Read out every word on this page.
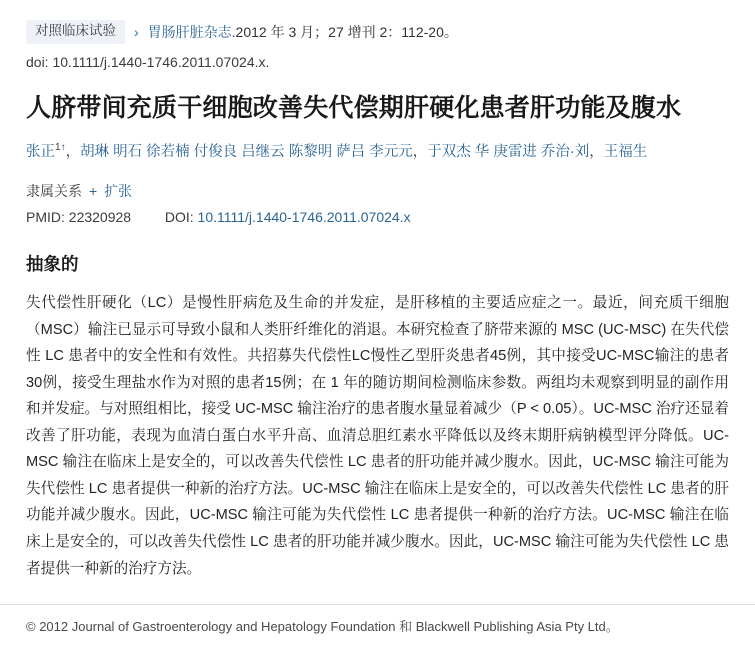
对照临床试验	› 胃肠肝脏杂志.2012 年 3 月；27 增刊 2：112-20。
doi: 10.1111/j.1440-1746.2011.07024.x.
人脐带间充质干细胞改善失代偿期肝硬化患者肝功能及腹水
张正$^{1↑}$，胡琳 明石 徐若楠 付俊良 吕继云 陈黎明 萨吕 李元元，于双杰 华 庚雷进 乔治·刘，王福生
隶属关系 + 扩张
PMID: 22320928 DOI: 10.1111/j.1440-1746.2011.07024.x
抽象的
失代偿性肝硬化（LC）是慢性肝病危及生命的并发症，是肝移植的主要适应症之一。最近，间充质干细胞（MSC）输注已显示可导致小鼠和人类肝纤维化的消退。本研究检查了脐带来源的 MSC (UC-MSC) 在失代偿性 LC 患者中的安全性和有效性。共招募失代偿性LC慢性乙型肝炎患者45例，其中接受UC-MSC输注的患者30例，接受生理盐水作为对照的患者15例；在 1 年的随访期间检测临床参数。两组均未观察到明显的副作用和并发症。与对照组相比，接受 UC-MSC 输注治疗的患者腹水量显着减少（P < 0.05）。UC-MSC 治疗还显着改善了肝功能，表现为血清白蛋白水平升高、血清总胆红素水平降低以及终末期肝病钠模型评分降低。UC-MSC 输注在临床上是安全的，可以改善失代偿性 LC 患者的肝功能并减少腹水。因此，UC-MSC 输注可能为失代偿性 LC 患者提供一种新的治疗方法。UC-MSC 输注在临床上是安全的，可以改善失代偿性 LC 患者的肝功能并减少腹水。因此，UC-MSC 输注可能为失代偿性 LC 患者提供一种新的治疗方法。UC-MSC 输注在临床上是安全的，可以改善失代偿性 LC 患者的肝功能并减少腹水。因此，UC-MSC 输注可能为失代偿性 LC 患者提供一种新的治疗方法。
© 2012 Journal of Gastroenterology and Hepatology Foundation 和 Blackwell Publishing Asia Pty Ltd。
